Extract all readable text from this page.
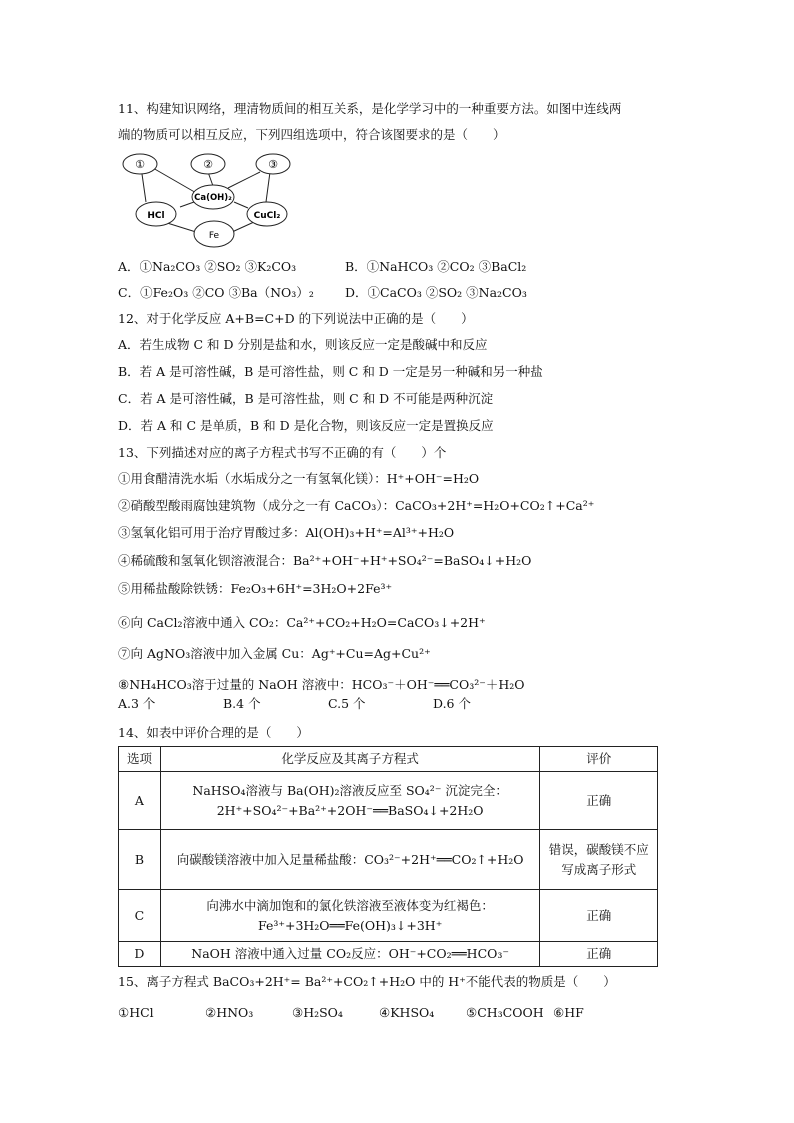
11、构建知识网络，理清物质间的相互关系，是化学学习中的一种重要方法。如图中连线两
端的物质可以相互反应，下列四组选项中，符合该图要求的是（　　）
①	②	③
Ca(OH)₂
HCl	CuCl₂
Fe
A．①Na₂CO₃ ②SO₂ ③K₂CO₃	B．①NaHCO₃ ②CO₂ ③BaCl₂
C．①Fe₂O₃ ②CO ③Ba（NO₃）₂ D．①CaCO₃ ②SO₂ ③Na₂CO₃
12、对于化学反应 A+B=C+D 的下列说法中正确的是（　　）
A．若生成物 C 和 D 分别是盐和水，则该反应一定是酸碱中和反应
B．若 A 是可溶性碱，B 是可溶性盐，则 C 和 D 一定是另一种碱和另一种盐
C．若 A 是可溶性碱，B 是可溶性盐，则 C 和 D 不可能是两种沉淀
D．若 A 和 C 是单质，B 和 D 是化合物，则该反应一定是置换反应
13、下列描述对应的离子方程式书写不正确的有（　　）个
①用食醋清洗水垢（水垢成分之一有氢氧化镁）：H⁺+OH⁻=H₂O
②硝酸型酸雨腐蚀建筑物（成分之一有 CaCO₃）：CaCO₃+2H⁺=H₂O+CO₂↑+Ca²⁺
③氢氧化铝可用于治疗胃酸过多：Al(OH)₃+H⁺=Al³⁺+H₂O
④稀硫酸和氢氧化钡溶液混合：Ba²⁺+OH⁻+H⁺+SO₄²⁻=BaSO₄↓+H₂O
⑤用稀盐酸除铁锈：Fe₂O₃+6H⁺=3H₂O+2Fe³⁺
⑥向 CaCl₂溶液中通入 CO₂：Ca²⁺+CO₂+H₂O=CaCO₃↓+2H⁺
⑦向 AgNO₃溶液中加入金属 Cu：Ag⁺+Cu=Ag+Cu²⁺
⑧NH₄HCO₃溶于过量的 NaOH 溶液中：HCO₃⁻＋OH⁻══CO₃²⁻＋H₂O
A.3 个	B.4 个	C.5 个	D.6 个
14、如表中评价合理的是（　　）
选项	化学反应及其离子方程式	评价
A	NaHSO₄溶液与 Ba(OH)₂溶液反应至 SO₄²⁻ 沉淀完全：
2H⁺+SO₄²⁻+Ba²⁺+2OH⁻══BaSO₄↓+2H₂O	正确
B	向碳酸镁溶液中加入足量稀盐酸：CO₃²⁻+2H⁺══CO₂↑+H₂O	错误，碳酸镁不应
写成离子形式

C	向沸水中滴加饱和的氯化铁溶液至液体变为红褐色：
Fe³⁺+3H₂O══Fe(OH)₃↓+3H⁺	正确
D	NaOH 溶液中通入过量 CO₂反应：OH⁻+CO₂══HCO₃⁻	正确
15、离子方程式 BaCO₃+2H⁺= Ba²⁺+CO₂↑+H₂O 中的 H⁺不能代表的物质是（　　）
①HCl	②HNO₃	③H₂SO₄	④KHSO₄	⑤CH₃COOH ⑥HF
